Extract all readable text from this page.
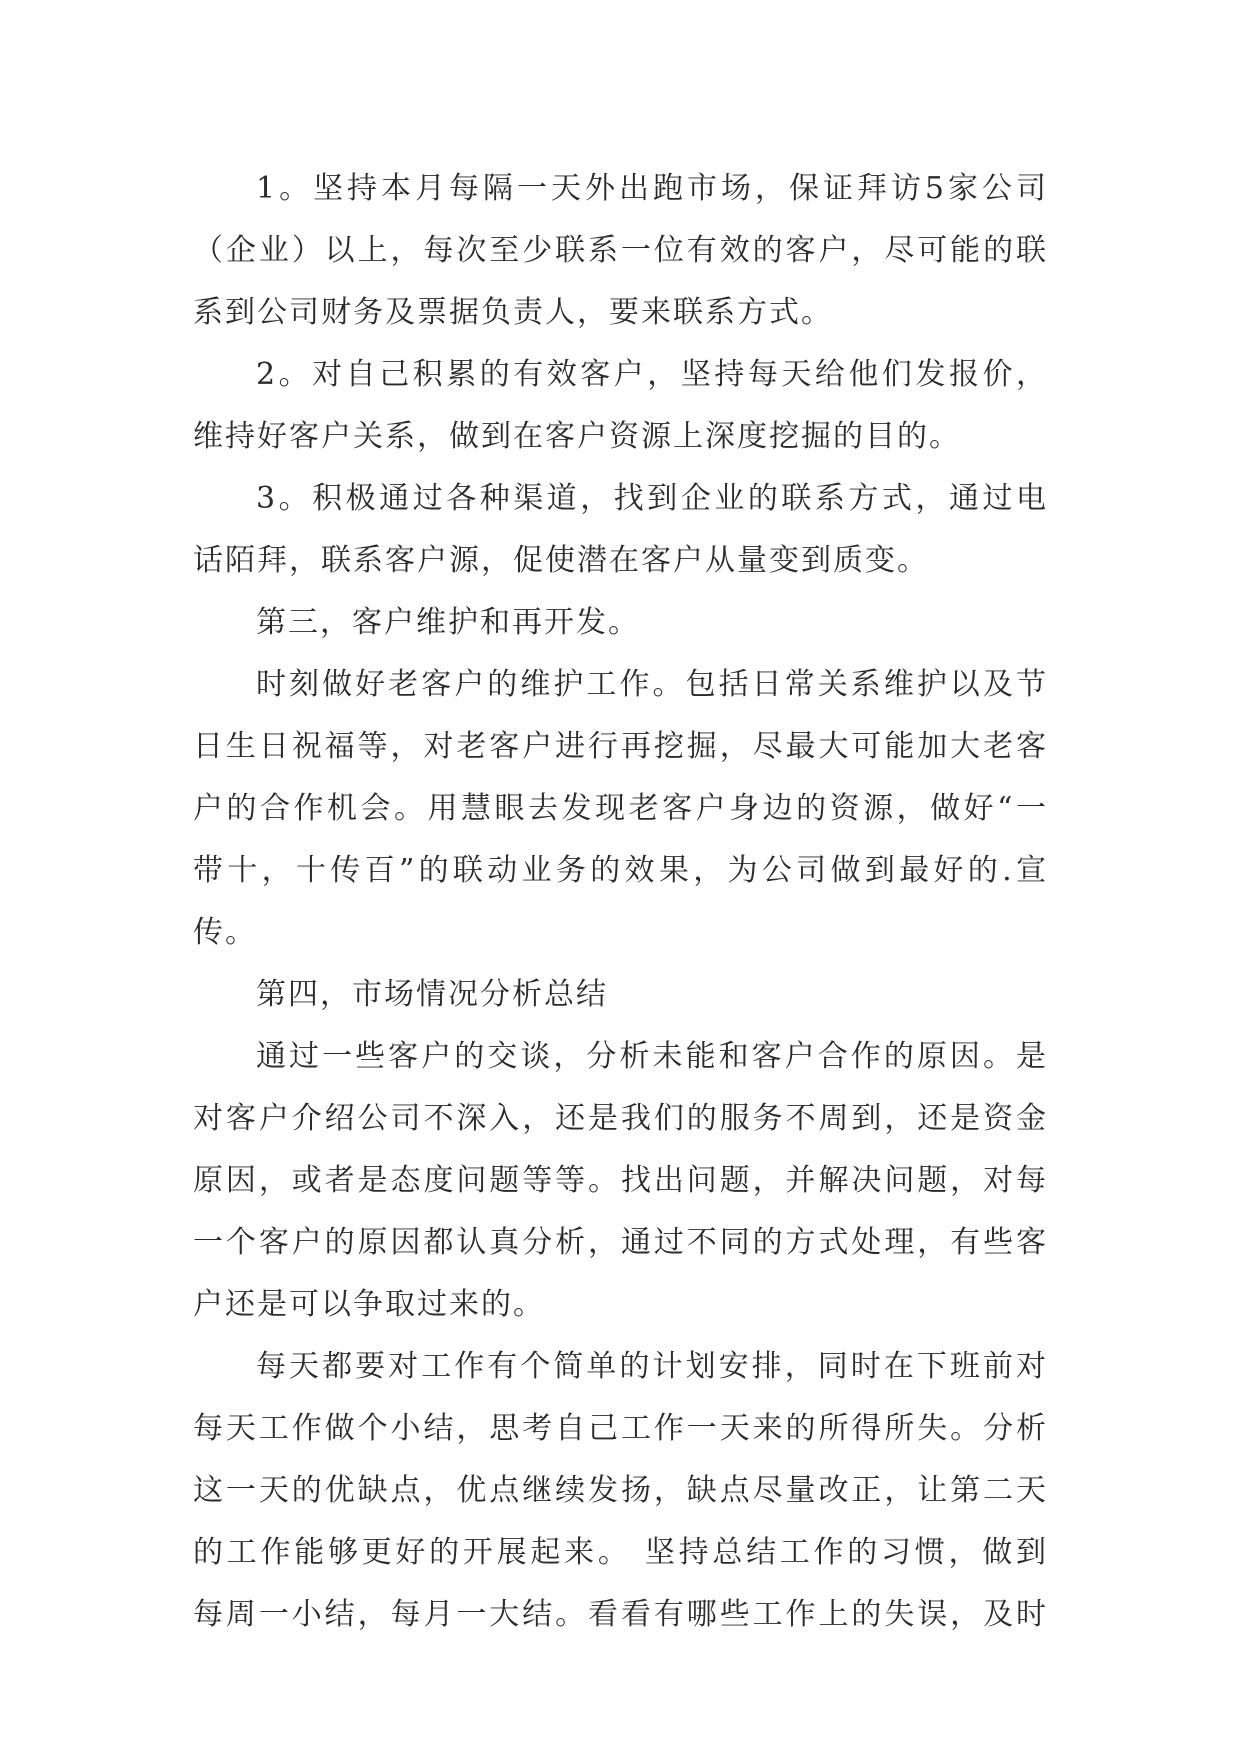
1。坚持本月每隔一天外出跑市场，保证拜访5家公司
（企业）以上，每次至少联系一位有效的客户，尽可能的联
系到公司财务及票据负责人，要来联系方式。
2。对自己积累的有效客户，坚持每天给他们发报价，
维持好客户关系，做到在客户资源上深度挖掘的目的。
3。积极通过各种渠道，找到企业的联系方式，通过电
话陌拜，联系客户源，促使潜在客户从量变到质变。
第三，客户维护和再开发。
时刻做好老客户的维护工作。包括日常关系维护以及节
日生日祝福等，对老客户进行再挖掘，尽最大可能加大老客
户的合作机会。用慧眼去发现老客户身边的资源，做好“一
带十，十传百”的联动业务的效果，为公司做到最好的.宣
传。
第四，市场情况分析总结
通过一些客户的交谈，分析未能和客户合作的原因。是
对客户介绍公司不深入，还是我们的服务不周到，还是资金
原因，或者是态度问题等等。找出问题，并解决问题，对每
一个客户的原因都认真分析，通过不同的方式处理，有些客
户还是可以争取过来的。
每天都要对工作有个简单的计划安排，同时在下班前对
每天工作做个小结，思考自己工作一天来的所得所失。分析
这一天的优缺点，优点继续发扬，缺点尽量改正，让第二天
的工作能够更好的开展起来。 坚持总结工作的习惯，做到
每周一小结，每月一大结。看看有哪些工作上的失误，及时
